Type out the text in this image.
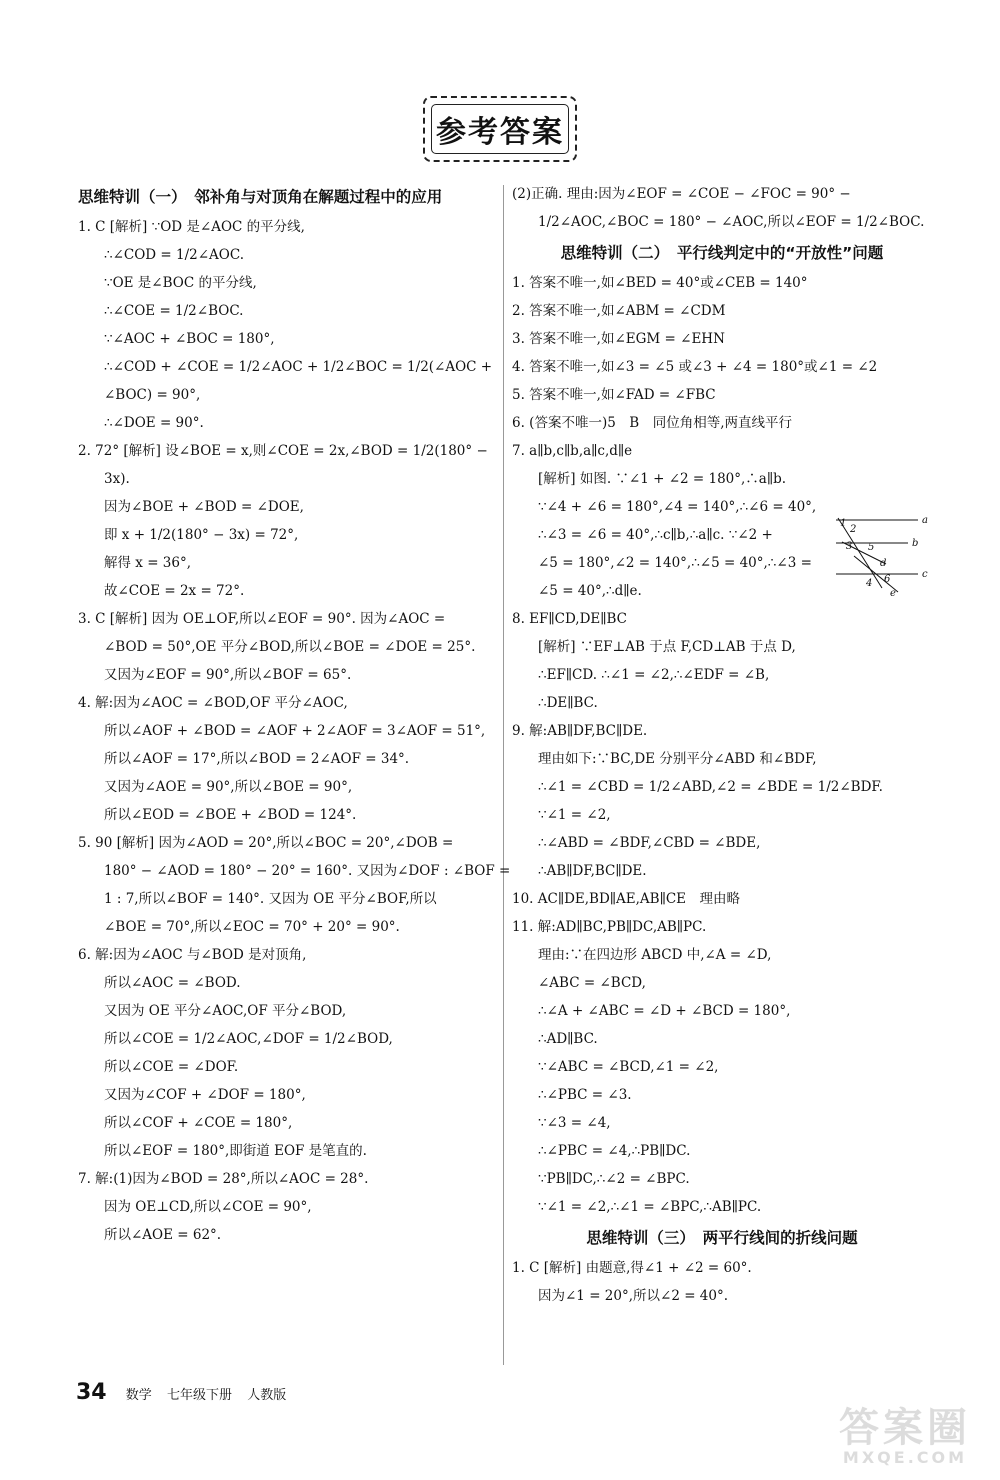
参考答案
思维特训（一）　邻补角与对顶角在解题过程中的应用
1. C [解析] ∵OD 是∠AOC 的平分线,
∴∠COD = 1/2∠AOC.
∵OE 是∠BOC 的平分线,
∴∠COE = 1/2∠BOC.
∵∠AOC + ∠BOC = 180°,
∴∠COD + ∠COE = 1/2∠AOC + 1/2∠BOC = 1/2(∠AOC +
∠BOC) = 90°,
∴∠DOE = 90°.
2. 72° [解析] 设∠BOE = x,则∠COE = 2x,∠BOD = 1/2(180° −
3x).
因为∠BOE + ∠BOD = ∠DOE,
即 x + 1/2(180° − 3x) = 72°,
解得 x = 36°,
故∠COE = 2x = 72°.
3. C [解析] 因为 OE⊥OF,所以∠EOF = 90°. 因为∠AOC =
∠BOD = 50°,OE 平分∠BOD,所以∠BOE = ∠DOE = 25°.
又因为∠EOF = 90°,所以∠BOF = 65°.
4. 解:因为∠AOC = ∠BOD,OF 平分∠AOC,
所以∠AOF + ∠BOD = ∠AOF + 2∠AOF = 3∠AOF = 51°,
所以∠AOF = 17°,所以∠BOD = 2∠AOF = 34°.
又因为∠AOE = 90°,所以∠BOE = 90°,
所以∠EOD = ∠BOE + ∠BOD = 124°.
5. 90 [解析] 因为∠AOD = 20°,所以∠BOC = 20°,∠DOB =
180° − ∠AOD = 180° − 20° = 160°. 又因为∠DOF : ∠BOF =
1 : 7,所以∠BOF = 140°. 又因为 OE 平分∠BOF,所以
∠BOE = 70°,所以∠EOC = 70° + 20° = 90°.
6. 解:因为∠AOC 与∠BOD 是对顶角,
所以∠AOC = ∠BOD.
又因为 OE 平分∠AOC,OF 平分∠BOD,
所以∠COE = 1/2∠AOC,∠DOF = 1/2∠BOD,
所以∠COE = ∠DOF.
又因为∠COF + ∠DOF = 180°,
所以∠COF + ∠COE = 180°,
所以∠EOF = 180°,即街道 EOF 是笔直的.
7. 解:(1)因为∠BOD = 28°,所以∠AOC = 28°.
因为 OE⊥CD,所以∠COE = 90°,
所以∠AOE = 62°.
(2)正确. 理由:因为∠EOF = ∠COE − ∠FOC = 90° −
1/2∠AOC,∠BOC = 180° − ∠AOC,所以∠EOF = 1/2∠BOC.
思维特训（二）　平行线判定中的“开放性”问题
1. 答案不唯一,如∠BED = 40°或∠CEB = 140°
2. 答案不唯一,如∠ABM = ∠CDM
3. 答案不唯一,如∠EGM = ∠EHN
4. 答案不唯一,如∠3 = ∠5 或∠3 + ∠4 = 180°或∠1 = ∠2
5. 答案不唯一,如∠FAD = ∠FBC
6. (答案不唯一)5　B　同位角相等,两直线平行
7. a∥b,c∥b,a∥c,d∥e
[解析] 如图. ∵∠1 + ∠2 = 180°,∴a∥b.
∵∠4 + ∠6 = 180°,∠4 = 140°,∴∠6 = 40°,
∴∠3 = ∠6 = 40°,∴c∥b,∴a∥c. ∵∠2 +
∠5 = 180°,∠2 = 140°,∴∠5 = 40°,∴∠3 =
∠5 = 40°,∴d∥e.
8. EF∥CD,DE∥BC
[解析] ∵EF⊥AB 于点 F,CD⊥AB 于点 D,
∴EF∥CD. ∴∠1 = ∠2,∴∠EDF = ∠B,
∴DE∥BC.
9. 解:AB∥DF,BC∥DE.
理由如下:∵BC,DE 分别平分∠ABD 和∠BDF,
∴∠1 = ∠CBD = 1/2∠ABD,∠2 = ∠BDE = 1/2∠BDF.
∵∠1 = ∠2,
∴∠ABD = ∠BDF,∠CBD = ∠BDE,
∴AB∥DF,BC∥DE.
10. AC∥DE,BD∥AE,AB∥CE　理由略
11. 解:AD∥BC,PB∥DC,AB∥PC.
理由:∵在四边形 ABCD 中,∠A = ∠D,
∠ABC = ∠BCD,
∴∠A + ∠ABC = ∠D + ∠BCD = 180°,
∴AD∥BC.
∵∠ABC = ∠BCD,∠1 = ∠2,
∴∠PBC = ∠3.
∵∠3 = ∠4,
∴∠PBC = ∠4,∴PB∥DC.
∵PB∥DC,∴∠2 = ∠BPC.
∵∠1 = ∠2,∴∠1 = ∠BPC,∴AB∥PC.
思维特训（三）　两平行线间的折线问题
1. C [解析] 由题意,得∠1 + ∠2 = 60°.
因为∠1 = 20°,所以∠2 = 40°.
1
2
3 5
d
4 6
a
b
c
e
34 数学 七年级下册 人教版
答案圈
MXQE.COM
